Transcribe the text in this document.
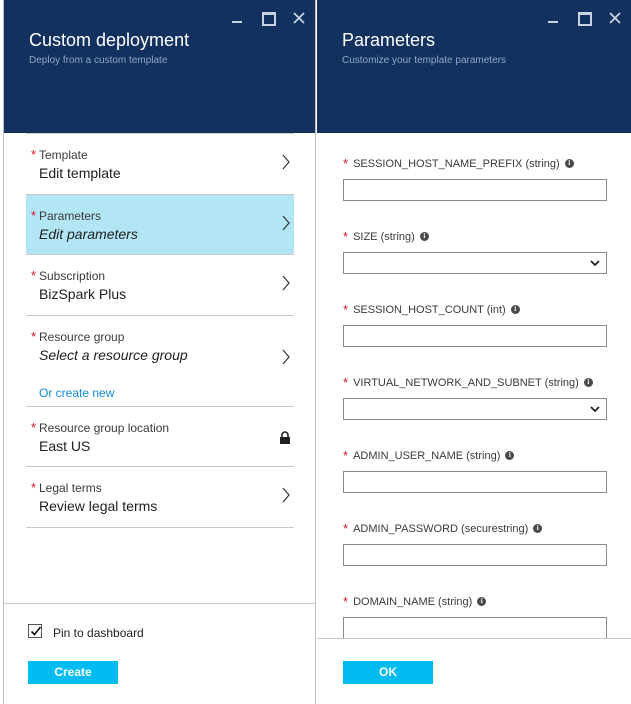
Custom deployment
Deploy from a custom template
* Template
Edit template
* Parameters
Edit parameters
* Subscription
BizSpark Plus
* Resource group
Select a resource group
Or create new
* Resource group location
East US
* Legal terms
Review legal terms
Pin to dashboard
Create
Parameters
Customize your template parameters
* SESSION_HOST_NAME_PREFIX (string)	i
* SIZE (string)	i
* SESSION_HOST_COUNT (int)	i
* VIRTUAL_NETWORK_AND_SUBNET (string)	i
* ADMIN_USER_NAME (string)	i
* ADMIN_PASSWORD (securestring)	i
* DOMAIN_NAME (string)	i
OK
